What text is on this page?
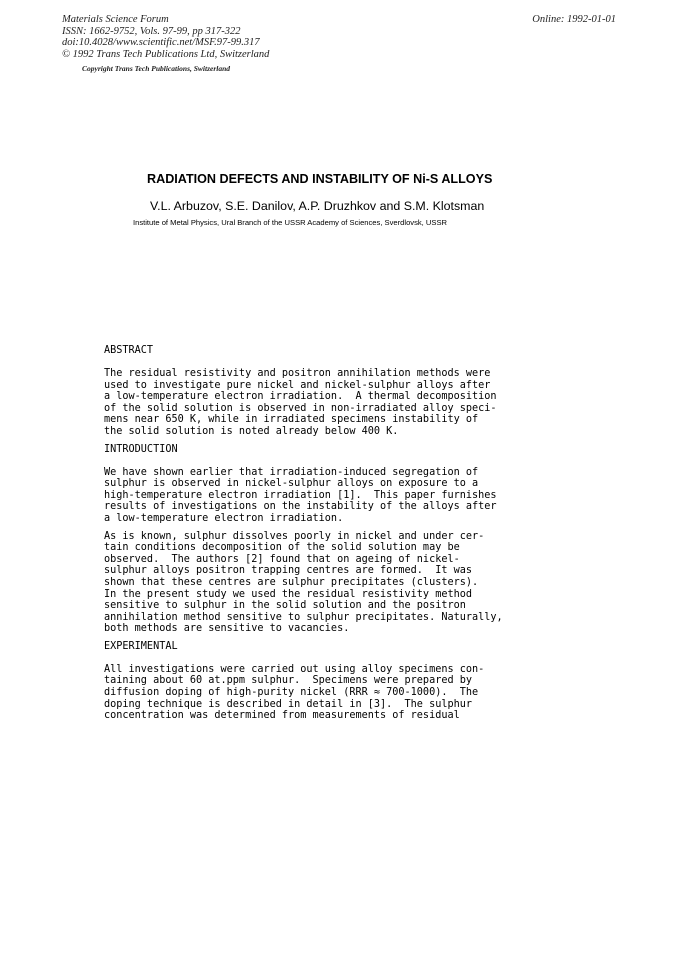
Materials Science Forum
ISSN: 1662-9752, Vols. 97-99, pp 317-322
doi:10.4028/www.scientific.net/MSF.97-99.317
© 1992 Trans Tech Publications Ltd, Switzerland
Copyright Trans Tech Publications, Switzerland
Online: 1992-01-01
RADIATION DEFECTS AND INSTABILITY OF Ni-S ALLOYS
V.L. Arbuzov, S.E. Danilov, A.P. Druzhkov and S.M. Klotsman
Institute of Metal Physics, Ural Branch of the USSR Academy of Sciences, Sverdlovsk, USSR
ABSTRACT
The residual resistivity and positron annihilation methods were
used to investigate pure nickel and nickel-sulphur alloys after
a low-temperature electron irradiation.  A thermal decomposition
of the solid solution is observed in non-irradiated alloy speci-
mens near 650 K, while in irradiated specimens instability of
the solid solution is noted already below 400 K.
INTRODUCTION
We have shown earlier that irradiation-induced segregation of
sulphur is observed in nickel-sulphur alloys on exposure to a
high-temperature electron irradiation [1].  This paper furnishes
results of investigations on the instability of the alloys after
a low-temperature electron irradiation.
As is known, sulphur dissolves poorly in nickel and under cer-
tain conditions decomposition of the solid solution may be
observed.  The authors [2] found that on ageing of nickel-
sulphur alloys positron trapping centres are formed.  It was
shown that these centres are sulphur precipitates (clusters).
In the present study we used the residual resistivity method
sensitive to sulphur in the solid solution and the positron
annihilation method sensitive to sulphur precipitates. Naturally,
both methods are sensitive to vacancies.
EXPERIMENTAL
All investigations were carried out using alloy specimens con-
taining about 60 at.ppm sulphur.  Specimens were prepared by
diffusion doping of high-purity nickel (RRR ≈ 700-1000).  The
doping technique is described in detail in [3].  The sulphur
concentration was determined from measurements of residual
